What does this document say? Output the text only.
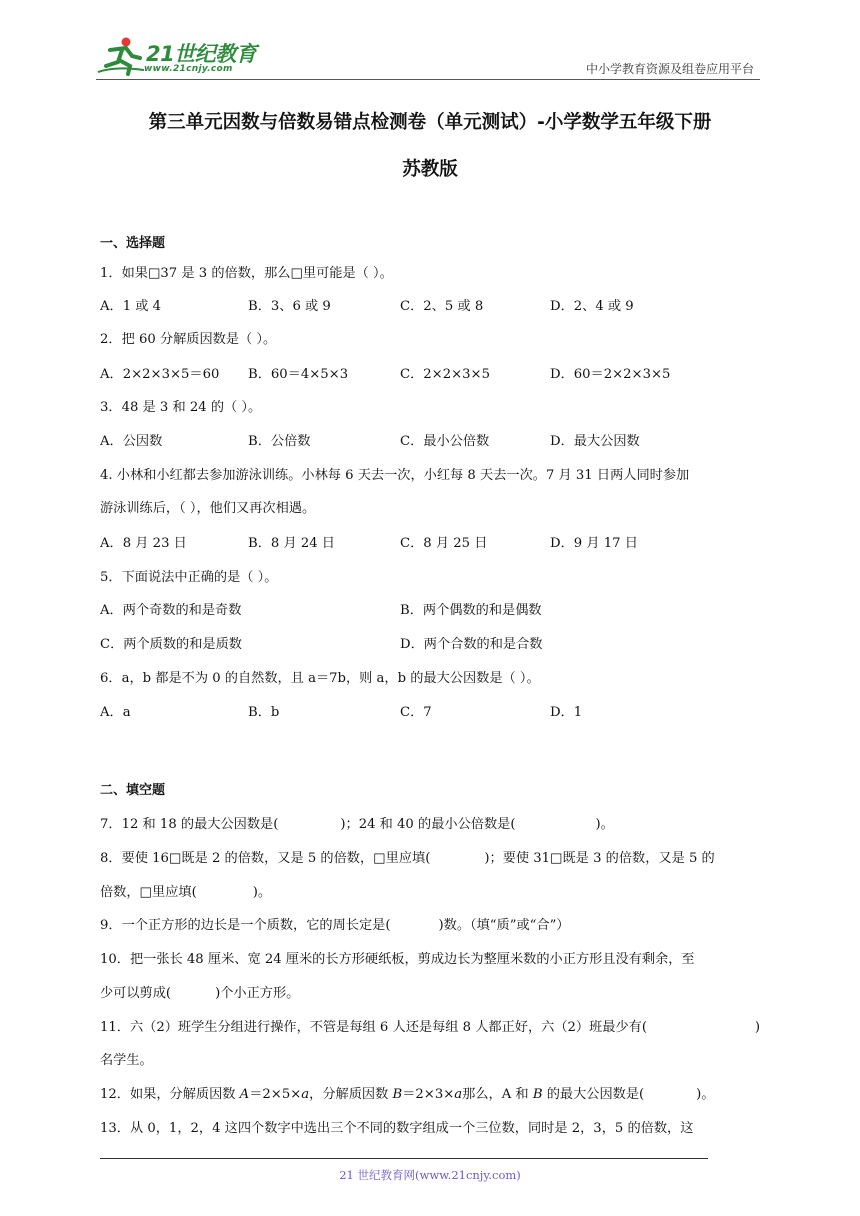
21世纪教育
www.21cnjy.com	中小学教育资源及组卷应用平台
第三单元因数与倍数易错点检测卷（单元测试）-小学数学五年级下册
苏教版
一、选择题
1．如果□37 是 3 的倍数，那么□里可能是（ ）。
A．1 或 4	B．3、6 或 9	C．2、5 或 8	D．2、4 或 9
2．把 60 分解质因数是（ ）。
A．2×2×3×5＝60 B．60＝4×5×3	C．2×2×3×5	D．60＝2×2×3×5
3．48 是 3 和 24 的（ ）。
A．公因数	B．公倍数	C．最小公倍数	D．最大公因数
4. 小林和小红都去参加游泳训练。小林每 6 天去一次，小红每 8 天去一次。7 月 31 日两人同时参加
游泳训练后，（ ），他们又再次相遇。
A．8 月 23 日	B．8 月 24 日	C．8 月 25 日	D．9 月 17 日
5．下面说法中正确的是（ ）。
A．两个奇数的和是奇数	B．两个偶数的和是偶数
C．两个质数的和是质数	D．两个合数的和是合数
6．a，b 都是不为 0 的自然数，且 a＝7b，则 a，b 的最大公因数是（ ）。
A．a	B．b	C．7	D．1
二、填空题
7．12 和 18 的最大公因数是(	)；24 和 40 的最小公倍数是(	)。
8．要使 16□既是 2 的倍数，又是 5 的倍数，□里应填(	)；要使 31□既是 3 的倍数，又是 5 的
倍数，□里应填(	)。
9．一个正方形的边长是一个质数，它的周长定是(	)数。（填“质”或“合”）
10．把一张长 48 厘米、宽 24 厘米的长方形硬纸板，剪成边长为整厘米数的小正方形且没有剩余，至
少可以剪成(	)个小正方形。
11．六（2）班学生分组进行操作，不管是每组 6 人还是每组 8 人都正好，六（2）班最少有(	)
名学生。
12．如果，分解质因数 A＝2×5×a，分解质因数 B＝2×3×a那么，A 和 B 的最大公因数是(	)。
13．从 0，1，2，4 这四个数字中选出三个不同的数字组成一个三位数，同时是 2，3，5 的倍数，这
21 世纪教育网(www.21cnjy.com)
